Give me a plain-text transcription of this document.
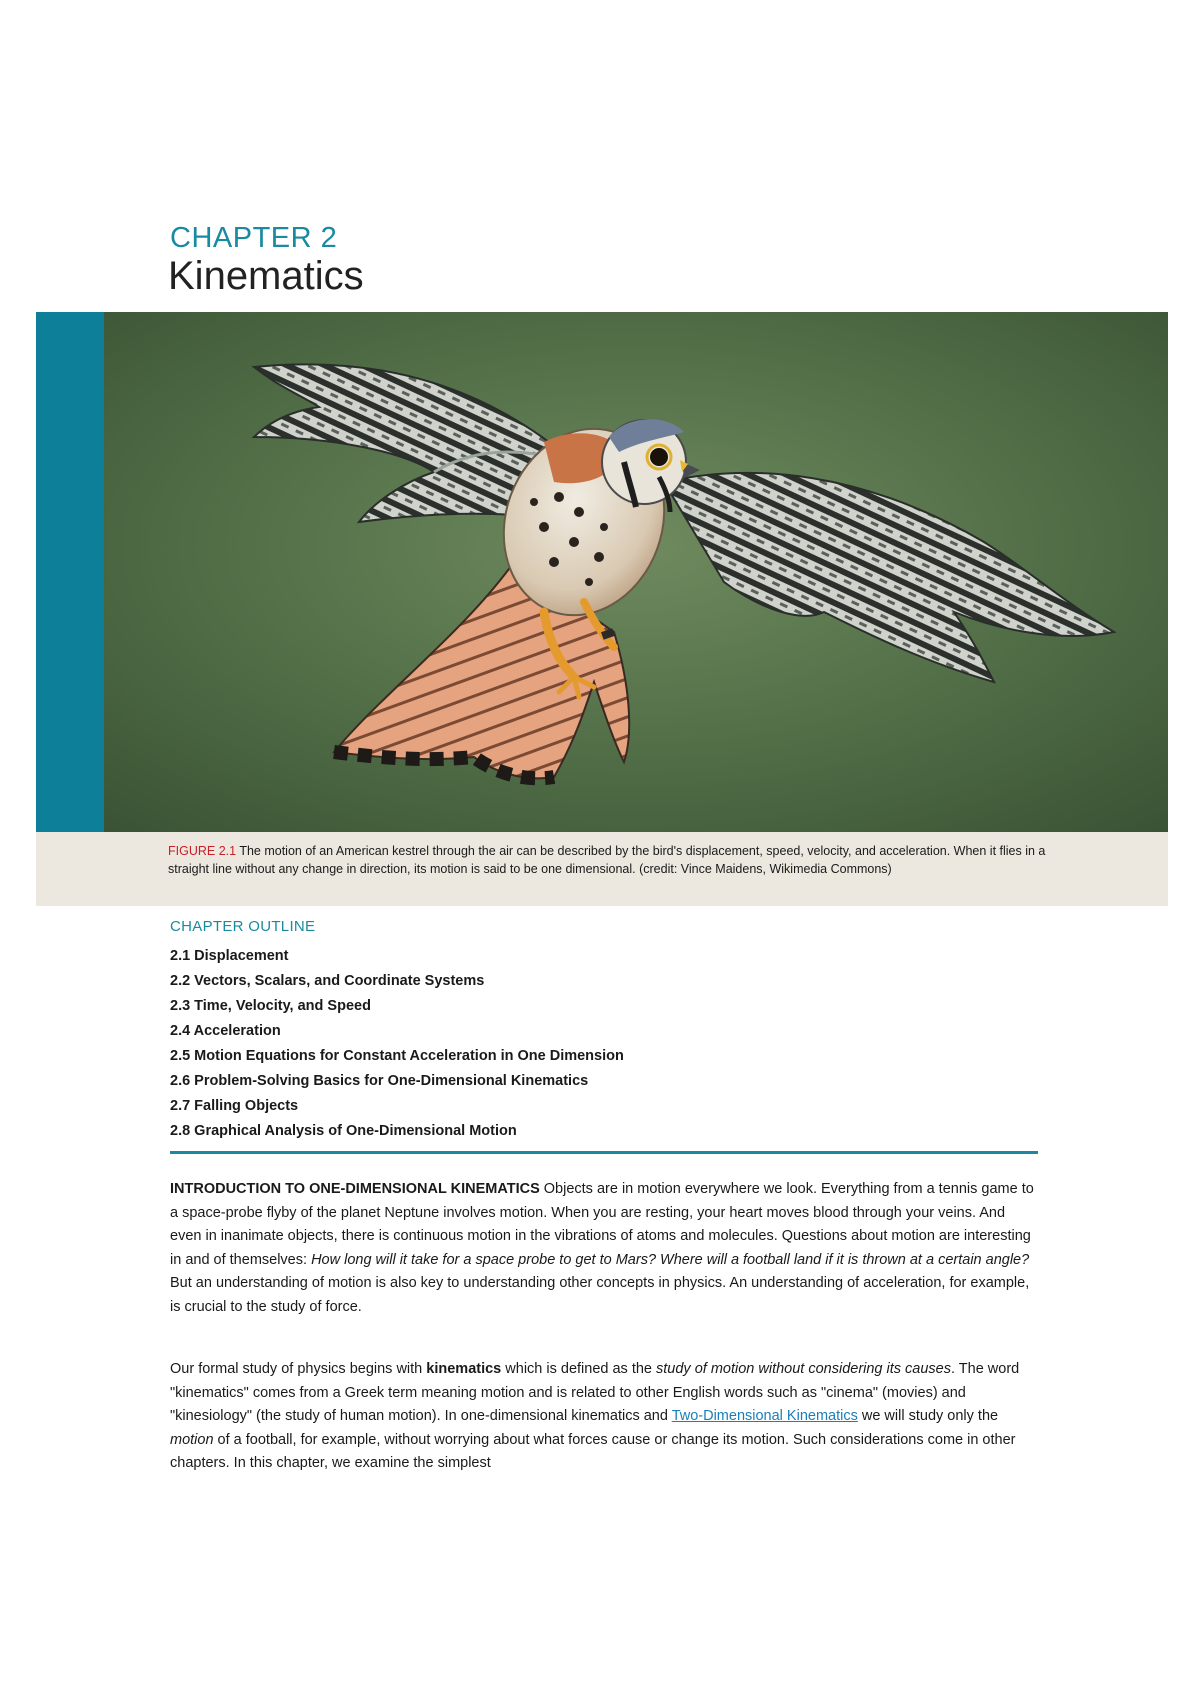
CHAPTER 2
Kinematics

FIGURE 2.1 The motion of an American kestrel through the air can be described by the bird's displacement, speed, velocity, and acceleration. When it flies in a straight line without any change in direction, its motion is said to be one dimensional. (credit: Vince Maidens, Wikimedia Commons)

CHAPTER OUTLINE
2.1 Displacement
2.2 Vectors, Scalars, and Coordinate Systems
2.3 Time, Velocity, and Speed
2.4 Acceleration
2.5 Motion Equations for Constant Acceleration in One Dimension
2.6 Problem-Solving Basics for One-Dimensional Kinematics
2.7 Falling Objects
2.8 Graphical Analysis of One-Dimensional Motion

INTRODUCTION TO ONE-DIMENSIONAL KINEMATICS Objects are in motion everywhere we look. Everything from a tennis game to a space-probe flyby of the planet Neptune involves motion. When you are resting, your heart moves blood through your veins. And even in inanimate objects, there is continuous motion in the vibrations of atoms and molecules. Questions about motion are interesting in and of themselves: How long will it take for a space probe to get to Mars? Where will a football land if it is thrown at a certain angle? But an understanding of motion is also key to understanding other concepts in physics. An understanding of acceleration, for example, is crucial to the study of force.

Our formal study of physics begins with kinematics which is defined as the study of motion without considering its causes. The word "kinematics" comes from a Greek term meaning motion and is related to other English words such as "cinema" (movies) and "kinesiology" (the study of human motion). In one-dimensional kinematics and Two-Dimensional Kinematics we will study only the motion of a football, for example, without worrying about what forces cause or change its motion. Such considerations come in other chapters. In this chapter, we examine the simplest
